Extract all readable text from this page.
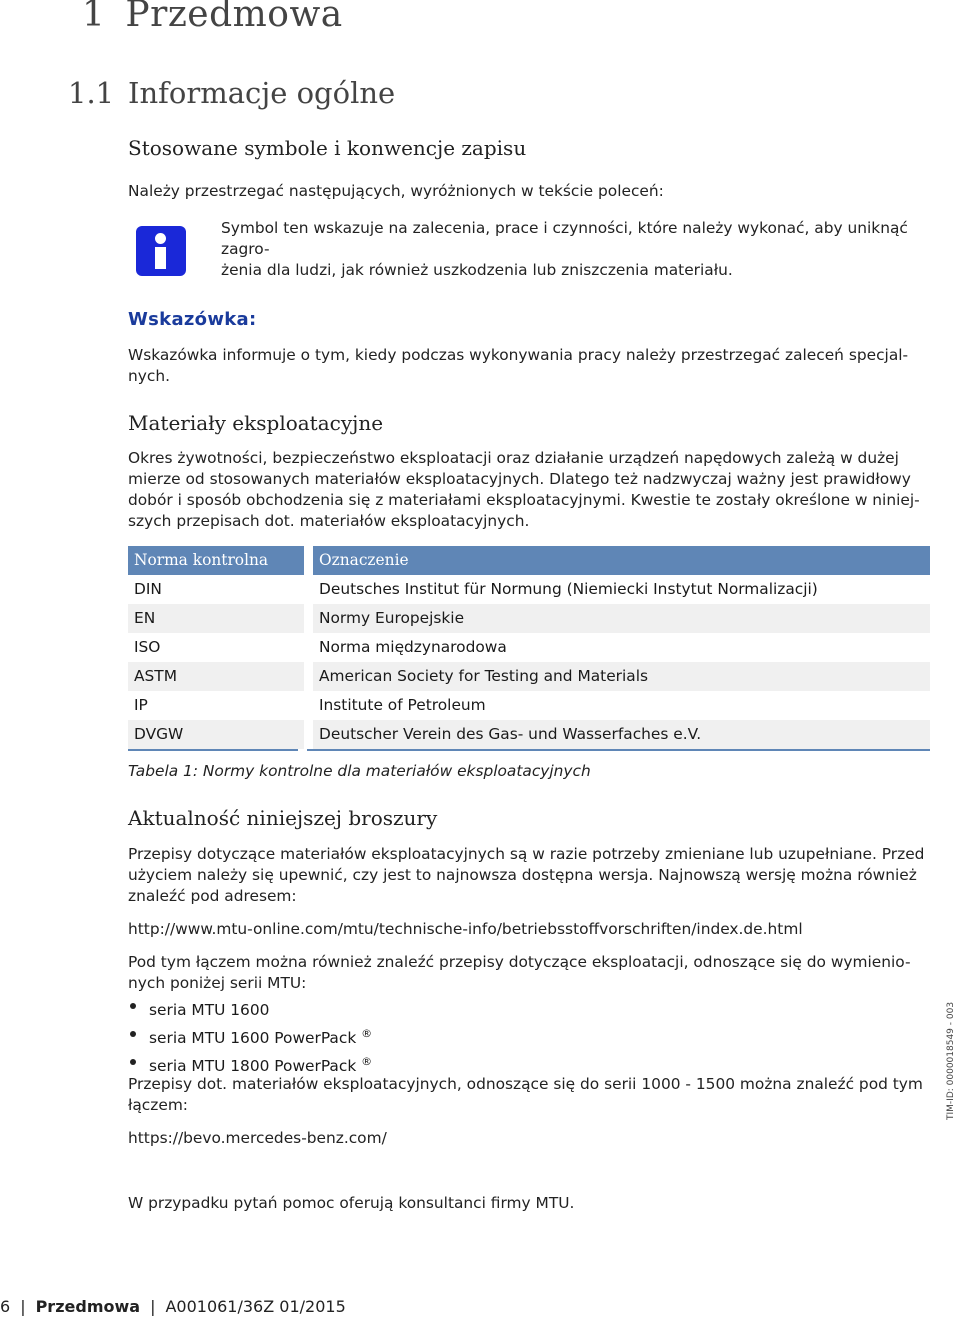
1 Przedmowa
1.1 Informacje ogólne
Stosowane symbole i konwencje zapisu
Należy przestrzegać następujących, wyróżnionych w tekście poleceń:
Symbol ten wskazuje na zalecenia, prace i czynności, które należy wykonać, aby uniknąć zagro-
żenia dla ludzi, jak również uszkodzenia lub zniszczenia materiału.
Wskazówka:
Wskazówka informuje o tym, kiedy podczas wykonywania pracy należy przestrzegać zaleceń specjal-
nych.
Materiały eksploatacyjne
Okres żywotności, bezpieczeństwo eksploatacji oraz działanie urządzeń napędowych zależą w dużej
mierze od stosowanych materiałów eksploatacyjnych. Dlatego też nadzwyczaj ważny jest prawidłowy
dobór i sposób obchodzenia się z materiałami eksploatacyjnymi. Kwestie te zostały określone w niniej-
szych przepisach dot. materiałów eksploatacyjnych.
Norma kontrolna	Oznaczenie
DIN	Deutsches Institut für Normung (Niemiecki Instytut Normalizacji)
EN	Normy Europejskie
ISO	Norma międzynarodowa
ASTM	American Society for Testing and Materials
IP	Institute of Petroleum
DVGW	Deutscher Verein des Gas- und Wasserfaches e.V.
Tabela 1: Normy kontrolne dla materiałów eksploatacyjnych
Aktualność niniejszej broszury
Przepisy dotyczące materiałów eksploatacyjnych są w razie potrzeby zmieniane lub uzupełniane. Przed
użyciem należy się upewnić, czy jest to najnowsza dostępna wersja. Najnowszą wersję można również
znaleźć pod adresem:
http://www.mtu-online.com/mtu/technische-info/betriebsstoffvorschriften/index.de.html
Pod tym łączem można również znaleźć przepisy dotyczące eksploatacji, odnoszące się do wymienio-
nych poniżej serii MTU:
seria MTU 1600
seria MTU 1600 PowerPack ®
seria MTU 1800 PowerPack ®
Przepisy dot. materiałów eksploatacyjnych, odnoszące się do serii 1000 - 1500 można znaleźć pod tym
łączem:
https://bevo.mercedes-benz.com/
W przypadku pytań pomoc oferują konsultanci firmy MTU.
TIM-ID: 0000018549 - 003
6 | Przedmowa | A001061/36Z 01/2015
